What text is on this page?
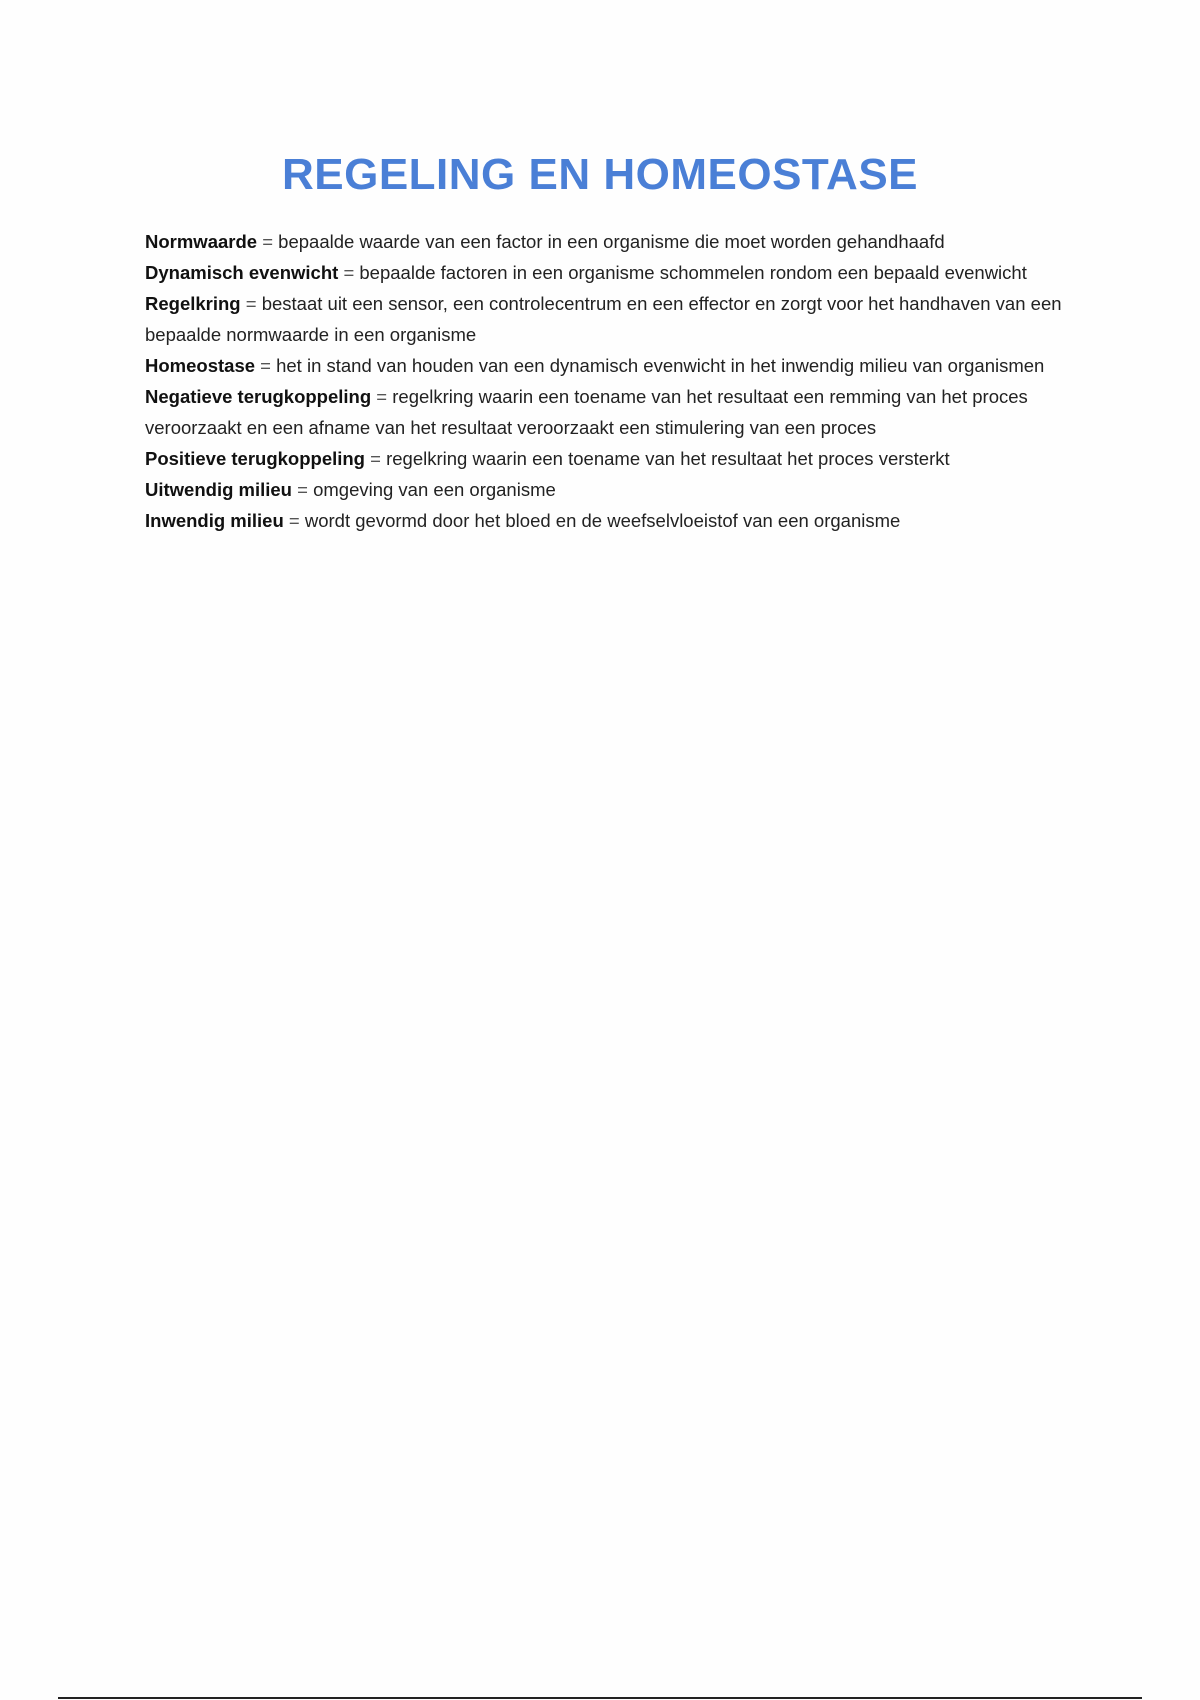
REGELING EN HOMEOSTASE
Normwaarde = bepaalde waarde van een factor in een organisme die moet worden gehandhaafd
Dynamisch evenwicht = bepaalde factoren in een organisme schommelen rondom een bepaald evenwicht
Regelkring = bestaat uit een sensor, een controlecentrum en een effector en zorgt voor het handhaven van een bepaalde normwaarde in een organisme
Homeostase = het in stand van houden van een dynamisch evenwicht in het inwendig milieu van organismen
Negatieve terugkoppeling = regelkring waarin een toename van het resultaat een remming van het proces veroorzaakt en een afname van het resultaat veroorzaakt een stimulering van een proces
Positieve terugkoppeling = regelkring waarin een toename van het resultaat het proces versterkt
Uitwendig milieu = omgeving van een organisme
Inwendig milieu = wordt gevormd door het bloed en de weefselvloeistof van een organisme
